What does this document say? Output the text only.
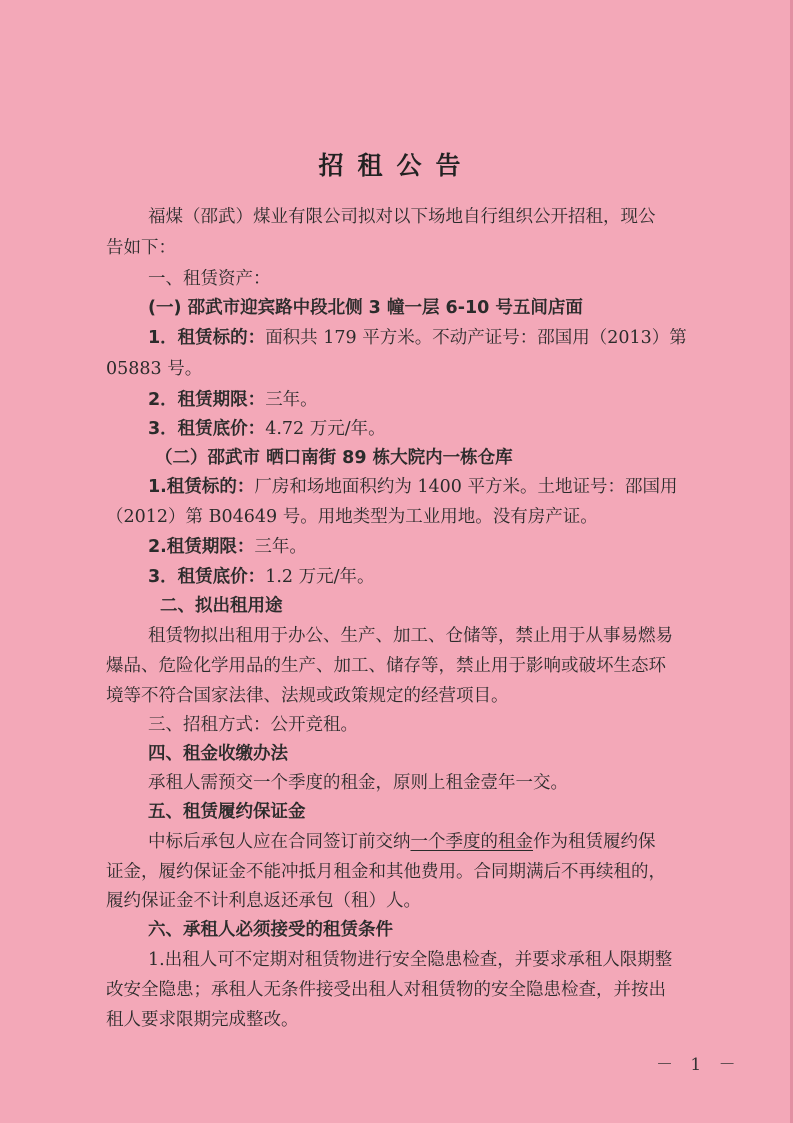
招租公告
福煤（邵武）煤业有限公司拟对以下场地自行组织公开招租，现公
告如下：
一、租赁资产：
(一) 邵武市迎宾路中段北侧 3 幢一层 6-10 号五间店面
1．租赁标的：面积共 179 平方米。不动产证号：邵国用（2013）第
05883 号。
2．租赁期限：三年。
3．租赁底价：4.72 万元/年。
（二）邵武市 晒口南街 89 栋大院内一栋仓库
1.租赁标的：厂房和场地面积约为 1400 平方米。土地证号：邵国用
（2012）第 B04649 号。用地类型为工业用地。没有房产证。
2.租赁期限：三年。
3．租赁底价：1.2 万元/年。
二、拟出租用途
租赁物拟出租用于办公、生产、加工、仓储等，禁止用于从事易燃易
爆品、危险化学用品的生产、加工、储存等，禁止用于影响或破坏生态环
境等不符合国家法律、法规或政策规定的经营项目。
三、招租方式：公开竞租。
四、租金收缴办法
承租人需预交一个季度的租金，原则上租金壹年一交。
五、租赁履约保证金
中标后承包人应在合同签订前交纳一个季度的租金作为租赁履约保
证金，履约保证金不能冲抵月租金和其他费用。合同期满后不再续租的，
履约保证金不计利息返还承包（租）人。
六、承租人必须接受的租赁条件
1.出租人可不定期对租赁物进行安全隐患检查，并要求承租人限期整
改安全隐患；承租人无条件接受出租人对租赁物的安全隐患检查，并按出
租人要求限期完成整改。
－ 1 －
